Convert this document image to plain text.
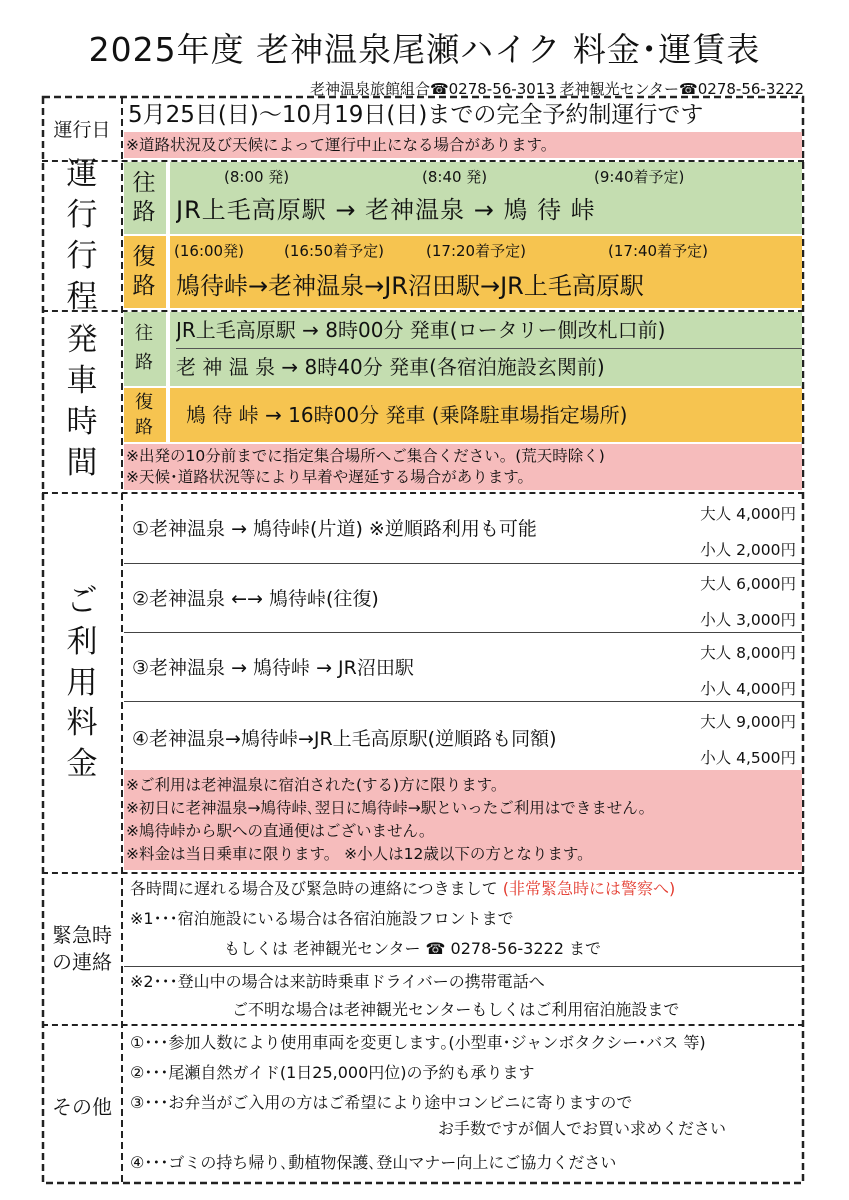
2025年度 老神温泉尾瀬ハイク 料金･運賃表
老神温泉旅館組合☎0278-56-3013 老神観光センター☎0278-56-3222
運行日
5月25日(日)～10月19日(日)までの完全予約制運行です
※道路状況及び天候によって運行中止になる場合があります。
運
行
行
程
往
路
(8:00 発)	(8:40 発)	(9:40着予定)
JR上毛高原駅 → 老神温泉 → 鳩 待 峠
復
路
(16:00発)	(16:50着予定)	(17:20着予定)	(17:40着予定)
鳩待峠→老神温泉→JR沼田駅→JR上毛高原駅
発
車
時
間
往
路
JR上毛高原駅 → 8時00分 発車(ロータリー側改札口前)
老 神 温 泉 → 8時40分 発車(各宿泊施設玄関前)
復
路
鳩 待 峠 → 16時00分 発車 (乗降駐車場指定場所)
※出発の10分前までに指定集合場所へご集合ください。(荒天時除く)
※天候･道路状況等により早着や遅延する場合があります。
ご
利
用
料
金
①老神温泉 → 鳩待峠(片道) ※逆順路利用も可能
大人 4,000円
小人 2,000円
②老神温泉 ←→ 鳩待峠(往復)
大人 6,000円
小人 3,000円
③老神温泉 → 鳩待峠 → JR沼田駅
大人 8,000円
小人 4,000円
④老神温泉→鳩待峠→JR上毛高原駅(逆順路も同額)
大人 9,000円
小人 4,500円
※ご利用は老神温泉に宿泊された(する)方に限ります。
※初日に老神温泉→鳩待峠､翌日に鳩待峠→駅といったご利用はできません。
※鳩待峠から駅への直通便はございません。
※料金は当日乗車に限ります。 ※小人は12歳以下の方となります。
緊急時
の連絡
各時間に遅れる場合及び緊急時の連絡につきまして (非常緊急時には警察へ)
※1･･･宿泊施設にいる場合は各宿泊施設フロントまで
もしくは 老神観光センター ☎ 0278-56-3222 まで
※2･･･登山中の場合は来訪時乗車ドライバーの携帯電話へ
ご不明な場合は老神観光センターもしくはご利用宿泊施設まで
その他
①･･･参加人数により使用車両を変更します｡(小型車･ジャンボタクシー･バス 等)
②･･･尾瀬自然ガイド(1日25,000円位)の予約も承ります
③･･･お弁当がご入用の方はご希望により途中コンビニに寄りますので
お手数ですが個人でお買い求めください
④･･･ゴミの持ち帰り､動植物保護､登山マナー向上にご協力ください
